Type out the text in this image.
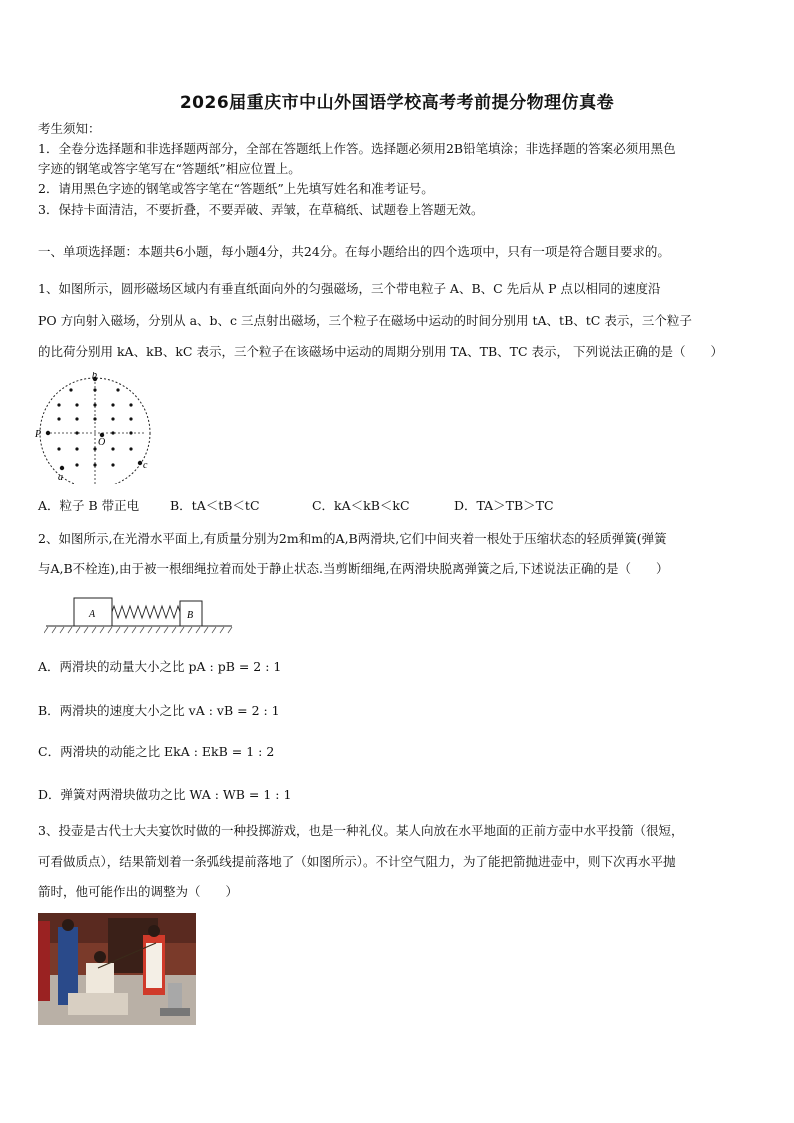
2026届重庆市中山外国语学校高考考前提分物理仿真卷
考生须知：
1．全卷分选择题和非选择题两部分，全部在答题纸上作答。选择题必须用2B铅笔填涂；非选择题的答案必须用黑色
字迹的钢笔或答字笔写在“答题纸”相应位置上。
2．请用黑色字迹的钢笔或答字笔在“答题纸”上先填写姓名和准考证号。
3．保持卡面清洁，不要折叠，不要弄破、弄皱，在草稿纸、试题卷上答题无效。
一、单项选择题：本题共6小题，每小题4分，共24分。在每小题给出的四个选项中，只有一项是符合题目要求的。
1、如图所示，圆形磁场区域内有垂直纸面向外的匀强磁场，三个带电粒子 A、B、C 先后从 P 点以相同的速度沿
PO 方向射入磁场，分别从 a、b、c 三点射出磁场，三个粒子在磁场中运动的时间分别用 tA、tB、tC 表示，三个粒子
的比荷分别用 kA、kB、kC 表示，三个粒子在该磁场中运动的周期分别用 TA、TB、TC 表示， 下列说法正确的是（　　）
b
P
O
c
a
A．粒子 B 带正电 B．tA＜tB＜tC	C．kA＜kB＜kC	D．TA＞TB＞TC
2、如图所示,在光滑水平面上,有质量分别为2m和m的A,B两滑块,它们中间夹着一根处于压缩状态的轻质弹簧(弹簧
与A,B不栓连),由于被一根细绳拉着而处于静止状态.当剪断细绳,在两滑块脱离弹簧之后,下述说法正确的是（　　）
A	B
A．两滑块的动量大小之比 pA : pB = 2 : 1
B．两滑块的速度大小之比 vA : vB = 2 : 1
C．两滑块的动能之比 EkA : EkB = 1 : 2
D．弹簧对两滑块做功之比 WA : WB = 1 : 1
3、投壶是古代士大夫宴饮时做的一种投掷游戏，也是一种礼仪。某人向放在水平地面的正前方壶中水平投箭（很短，
可看做质点），结果箭划着一条弧线提前落地了（如图所示）。不计空气阻力，为了能把箭抛进壶中，则下次再水平抛
箭时，他可能作出的调整为（　　）
